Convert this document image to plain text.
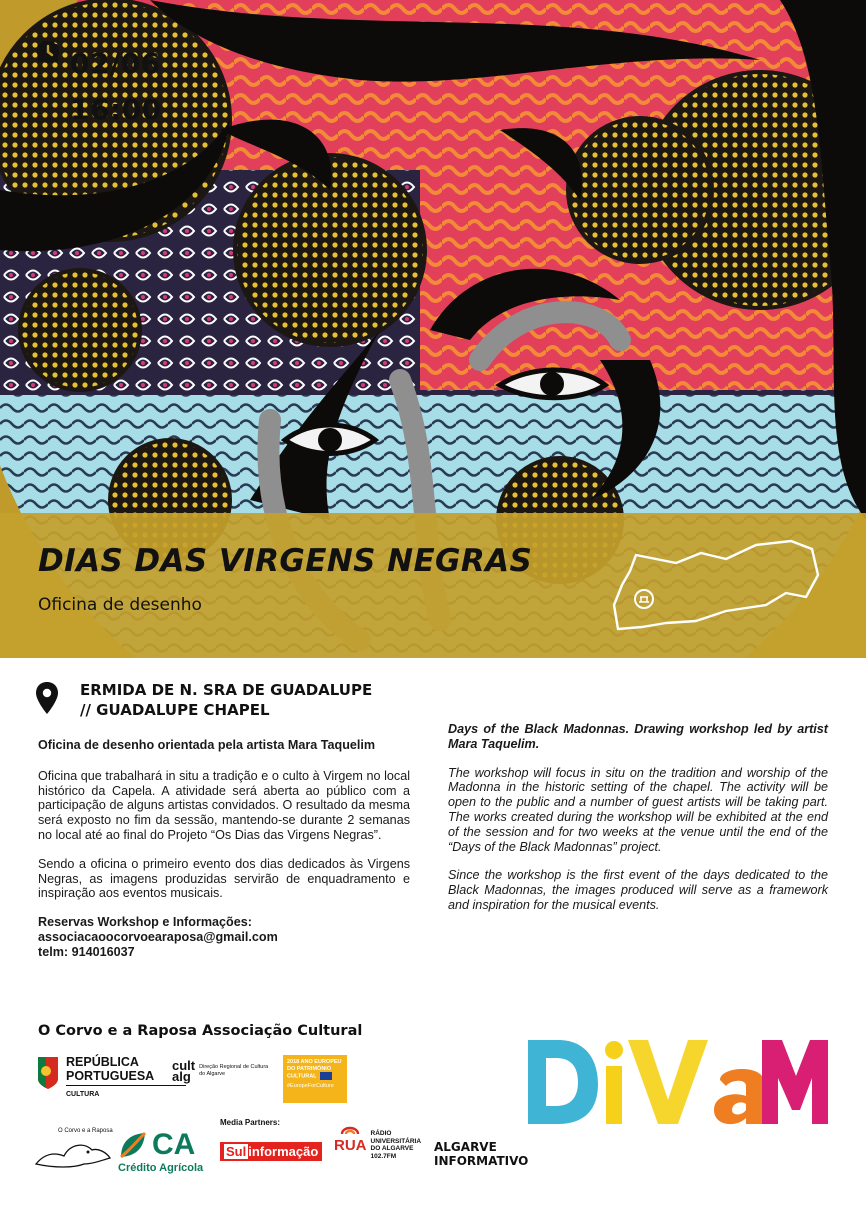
02/06
16:00
DIAS DAS VIRGENS NEGRAS
Oficina de desenho
ERMIDA DE N. SRA DE GUADALUPE
// GUADALUPE CHAPEL
Oficina de desenho orientada pela artista Mara Taquelim

Oficina que trabalhará in situ a tradição e o culto à Virgem no local histórico da Capela. A atividade será aberta ao público com a participação de alguns artistas convidados. O resultado da mesma será exposto no fim da sessão, mantendo-se durante 2 semanas no local até ao final do Projeto “Os Dias das Virgens Negras”.

Sendo a oficina o primeiro evento dos dias dedicados às Virgens Negras, as imagens produzidas servirão de enquadramento e inspiração aos eventos musicais.

Reservas Workshop e Informações:
associacaoocorvoearaposa@gmail.com
telm: 914016037

Days of the Black Madonnas. Drawing workshop led by artist Mara Taquelim.

The workshop will focus in situ on the tradition and worship of the Madonna in the historic setting of the chapel. The activity will be open to the public and a number of guest artists will be taking part. The works created during the workshop will be exhibited at the end of the session and for two weeks at the venue until the end of the “Days of the Black Madonnas” project.

Since the workshop is the first event of the days dedicated to the Black Madonnas, the images produced will serve as a framework and inspiration for the musical events.

O Corvo e a Raposa Associação Cultural
REPÚBLICA
PORTUGUESA
CULTURA
cult
alg
Direção Regional de Cultura do Algarve
2018 ANO EUROPEU DO PATRIMÓNIO CULTURAL
#EuropeForCulture
Media Partners:
O Corvo e a Raposa CA
Crédito Agrícola
Sul informação RUA
RÁDIO
UNIVERSITÁRIA
DO ALGARVE
102.7FM
ALGARVE
INFORMATIVO
DiVaM
